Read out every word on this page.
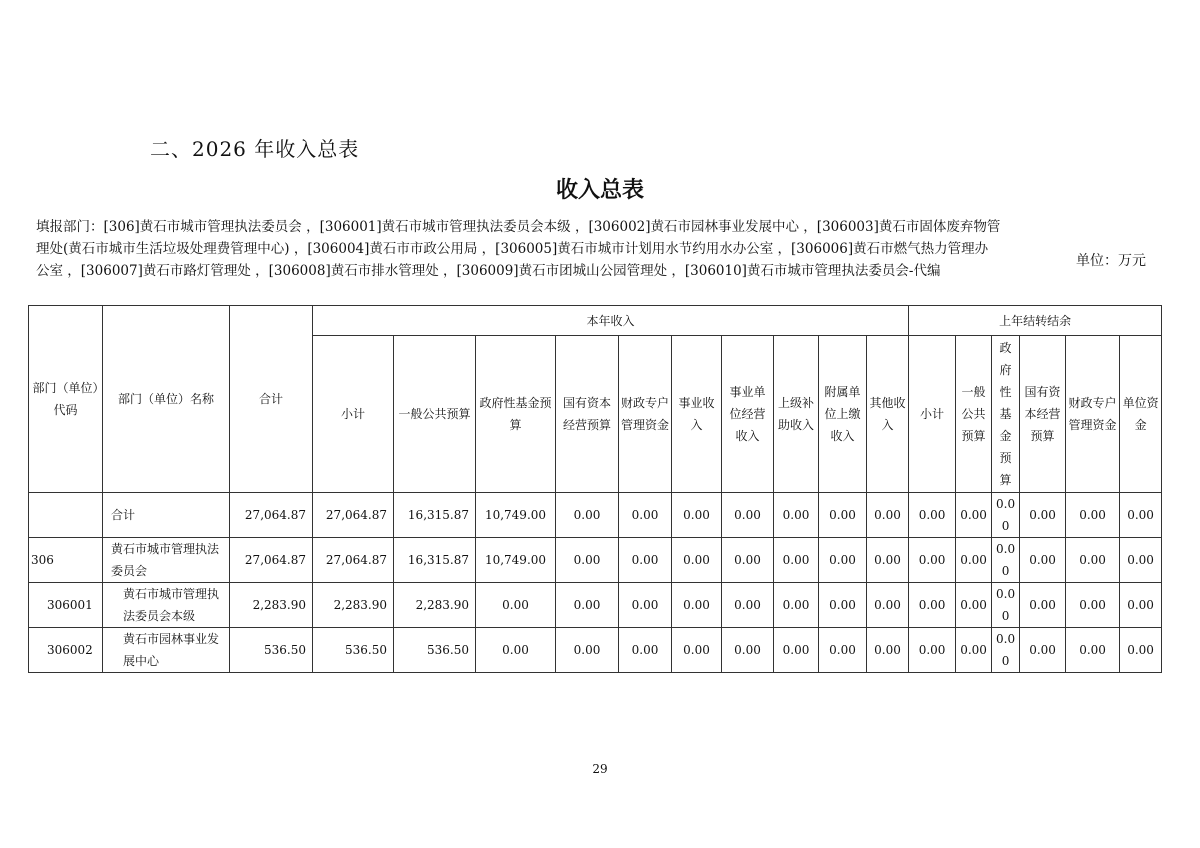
二、2026 年收入总表
收入总表
填报部门：[306]黄石市城市管理执法委员会 ，[306001]黄石市城市管理执法委员会本级 ，[306002]黄石市园林事业发展中心 ，[306003]黄石市固体废弃物管理处(黄石市城市生活垃圾处理费管理中心) ，[306004]黄石市市政公用局 ，[306005]黄石市城市计划用水节约用水办公室 ，[306006]黄石市燃气热力管理办公室 ，[306007]黄石市路灯管理处 ，[306008]黄石市排水管理处 ，[306009]黄石市团城山公园管理处 ，[306010]黄石市城市管理执法委员会-代编
单位：万元
部门（单位）代码	部门（单位）名称	合计	本年收入										上年结转结余					
			小计	一般公共预算	政府性基金预算	国有资本经营预算	财政专户管理资金	事业收入	事业单位经营收入	上级补助收入	附属单位上缴收入	其他收入	小计	一般公共预算	政府性基金预算	国有资本经营预算	财政专户管理资金	单位资金
	合计	27,064.87	27,064.87	16,315.87	10,749.00	0.00	0.00	0.00	0.00	0.00	0.00	0.00	0.00	0.00	0.00	0.00	0.00	0.00
306	黄石市城市管理执法委员会	27,064.87	27,064.87	16,315.87	10,749.00	0.00	0.00	0.00	0.00	0.00	0.00	0.00	0.00	0.00	0.00	0.00	0.00	0.00
306001	黄石市城市管理执法委员会本级	2,283.90	2,283.90	2,283.90	0.00	0.00	0.00	0.00	0.00	0.00	0.00	0.00	0.00	0.00	0.00	0.00	0.00	0.00
306002	黄石市园林事业发展中心	536.50	536.50	536.50	0.00	0.00	0.00	0.00	0.00	0.00	0.00	0.00	0.00	0.00	0.00	0.00	0.00	0.00
29
